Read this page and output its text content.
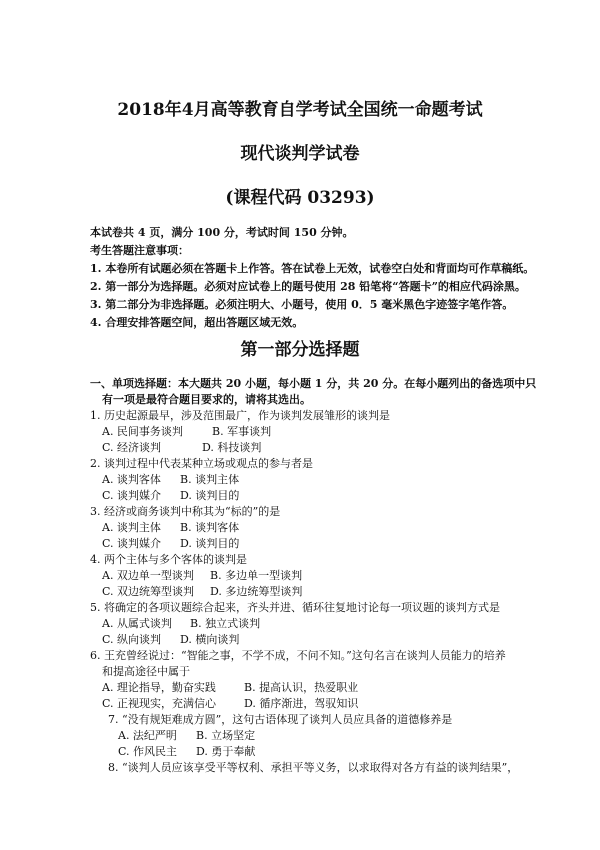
2018年4月高等教育自学考试全国统一命题考试
现代谈判学试卷
(课程代码 03293)
本试卷共 4 页，满分 100 分，考试时间 150 分钟。
考生答题注意事项：
1. 本卷所有试题必须在答题卡上作答。答在试卷上无效，试卷空白处和背面均可作草稿纸。
2. 第一部分为选择题。必须对应试卷上的题号使用 28 铅笔将“答题卡”的相应代码涂黑。
3. 第二部分为非选择题。必须注明大、小题号，使用 0．5 毫米黑色字迹签字笔作答。
4. 合理安排答题空间，超出答题区域无效。
第一部分选择题
一、单项选择题：本大题共 20 小题，每小题 1 分，共 20 分。在每小题列出的备选项中只
有一项是最符合题目要求的，请将其选出。
1. 历史起源最早，涉及范围最广，作为谈判发展雏形的谈判是
A. 民间事务谈判	B. 军事谈判
C. 经济谈判	D. 科技谈判
2. 谈判过程中代表某种立场或观点的参与者是
A. 谈判客体 B. 谈判主体
C. 谈判媒介 D. 谈判目的
3. 经济或商务谈判中称其为“标的”的是
A. 谈判主体 B. 谈判客体
C. 谈判媒介 D. 谈判目的
4. 两个主体与多个客体的谈判是
A. 双边单一型谈判 B. 多边单一型谈判
C. 双边统筹型谈判 D. 多边统筹型谈判
5. 将确定的各项议题综合起来，齐头并进、循环往复地讨论每一项议题的谈判方式是
A. 从属式谈判 B. 独立式谈判
C. 纵向谈判 D. 横向谈判
6. 王充曾经说过：“智能之事，不学不成，不问不知。”这句名言在谈判人员能力的培养
和提高途径中属于
A. 理论指导，勤奋实践	B. 提高认识，热爱职业
C. 正视现实，充满信心	D. 循序渐进，驾驭知识
7. “没有规矩难成方圆”，这句古语体现了谈判人员应具备的道德修养是
A. 法纪严明 B. 立场坚定
C. 作风民主 D. 勇于奉献
8. “谈判人员应该享受平等权利、承担平等义务，以求取得对各方有益的谈判结果”，
